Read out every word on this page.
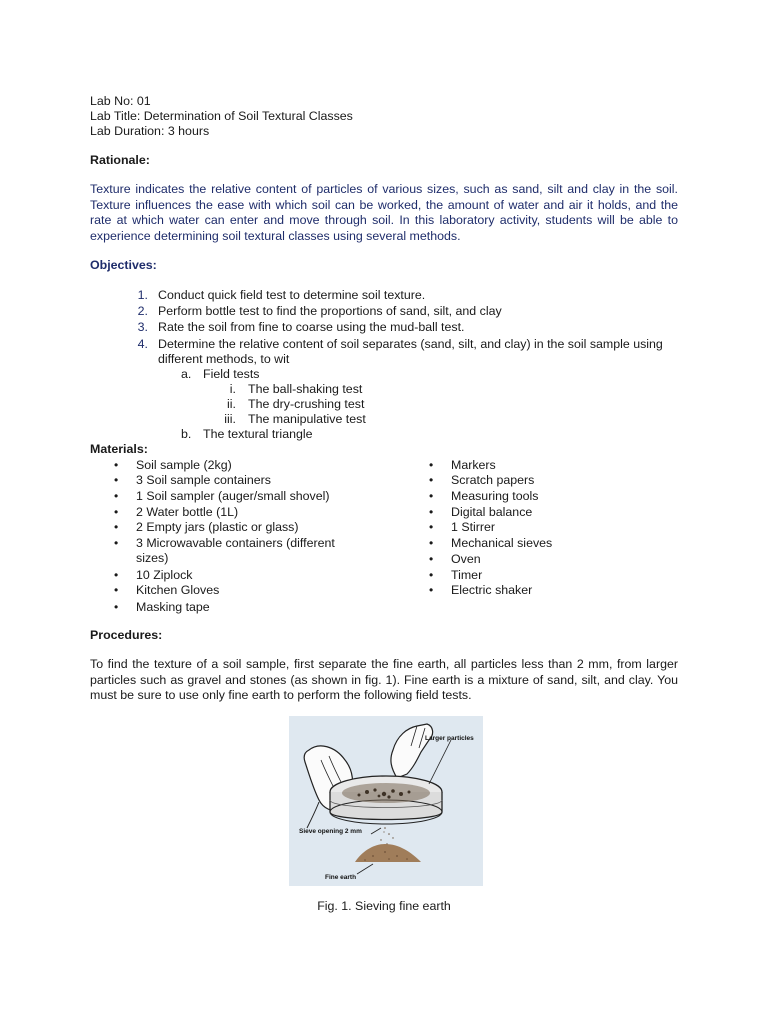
Lab No: 01
Lab Title: Determination of Soil Textural Classes
Lab Duration: 3 hours
Rationale:
Texture indicates the relative content of particles of various sizes, such as sand, silt and clay in the soil. Texture influences the ease with which soil can be worked, the amount of water and air it holds, and the rate at which water can enter and move through soil. In this laboratory activity, students will be able to experience determining soil textural classes using several methods.
Objectives:
1. Conduct quick field test to determine soil texture.
2. Perform bottle test to find the proportions of sand, silt, and clay
3. Rate the soil from fine to coarse using the mud-ball test.
4. Determine the relative content of soil separates (sand, silt, and clay) in the soil sample using
different methods, to wit
a. Field tests
i. The ball-shaking test
ii. The dry-crushing test
iii. The manipulative test
b. The textural triangle
Materials:
• Soil sample (2kg)
• 3 Soil sample containers
• 1 Soil sampler (auger/small shovel)
• 2 Water bottle (1L)
• 2 Empty jars (plastic or glass)
• 3 Microwavable containers (different
sizes)
• 10 Ziplock
• Kitchen Gloves
• Masking tape
• Markers
• Scratch papers
• Measuring tools
• Digital balance
• 1 Stirrer
• Mechanical sieves
• Oven
• Timer
• Electric shaker
Procedures:
To find the texture of a soil sample, first separate the fine earth, all particles less than 2 mm, from larger particles such as gravel and stones (as shown in fig. 1). Fine earth is a mixture of sand, silt, and clay. You must be sure to use only fine earth to perform the following field tests.
Larger particles
Sieve opening 2 mm
Fine earth
Fig. 1. Sieving fine earth
